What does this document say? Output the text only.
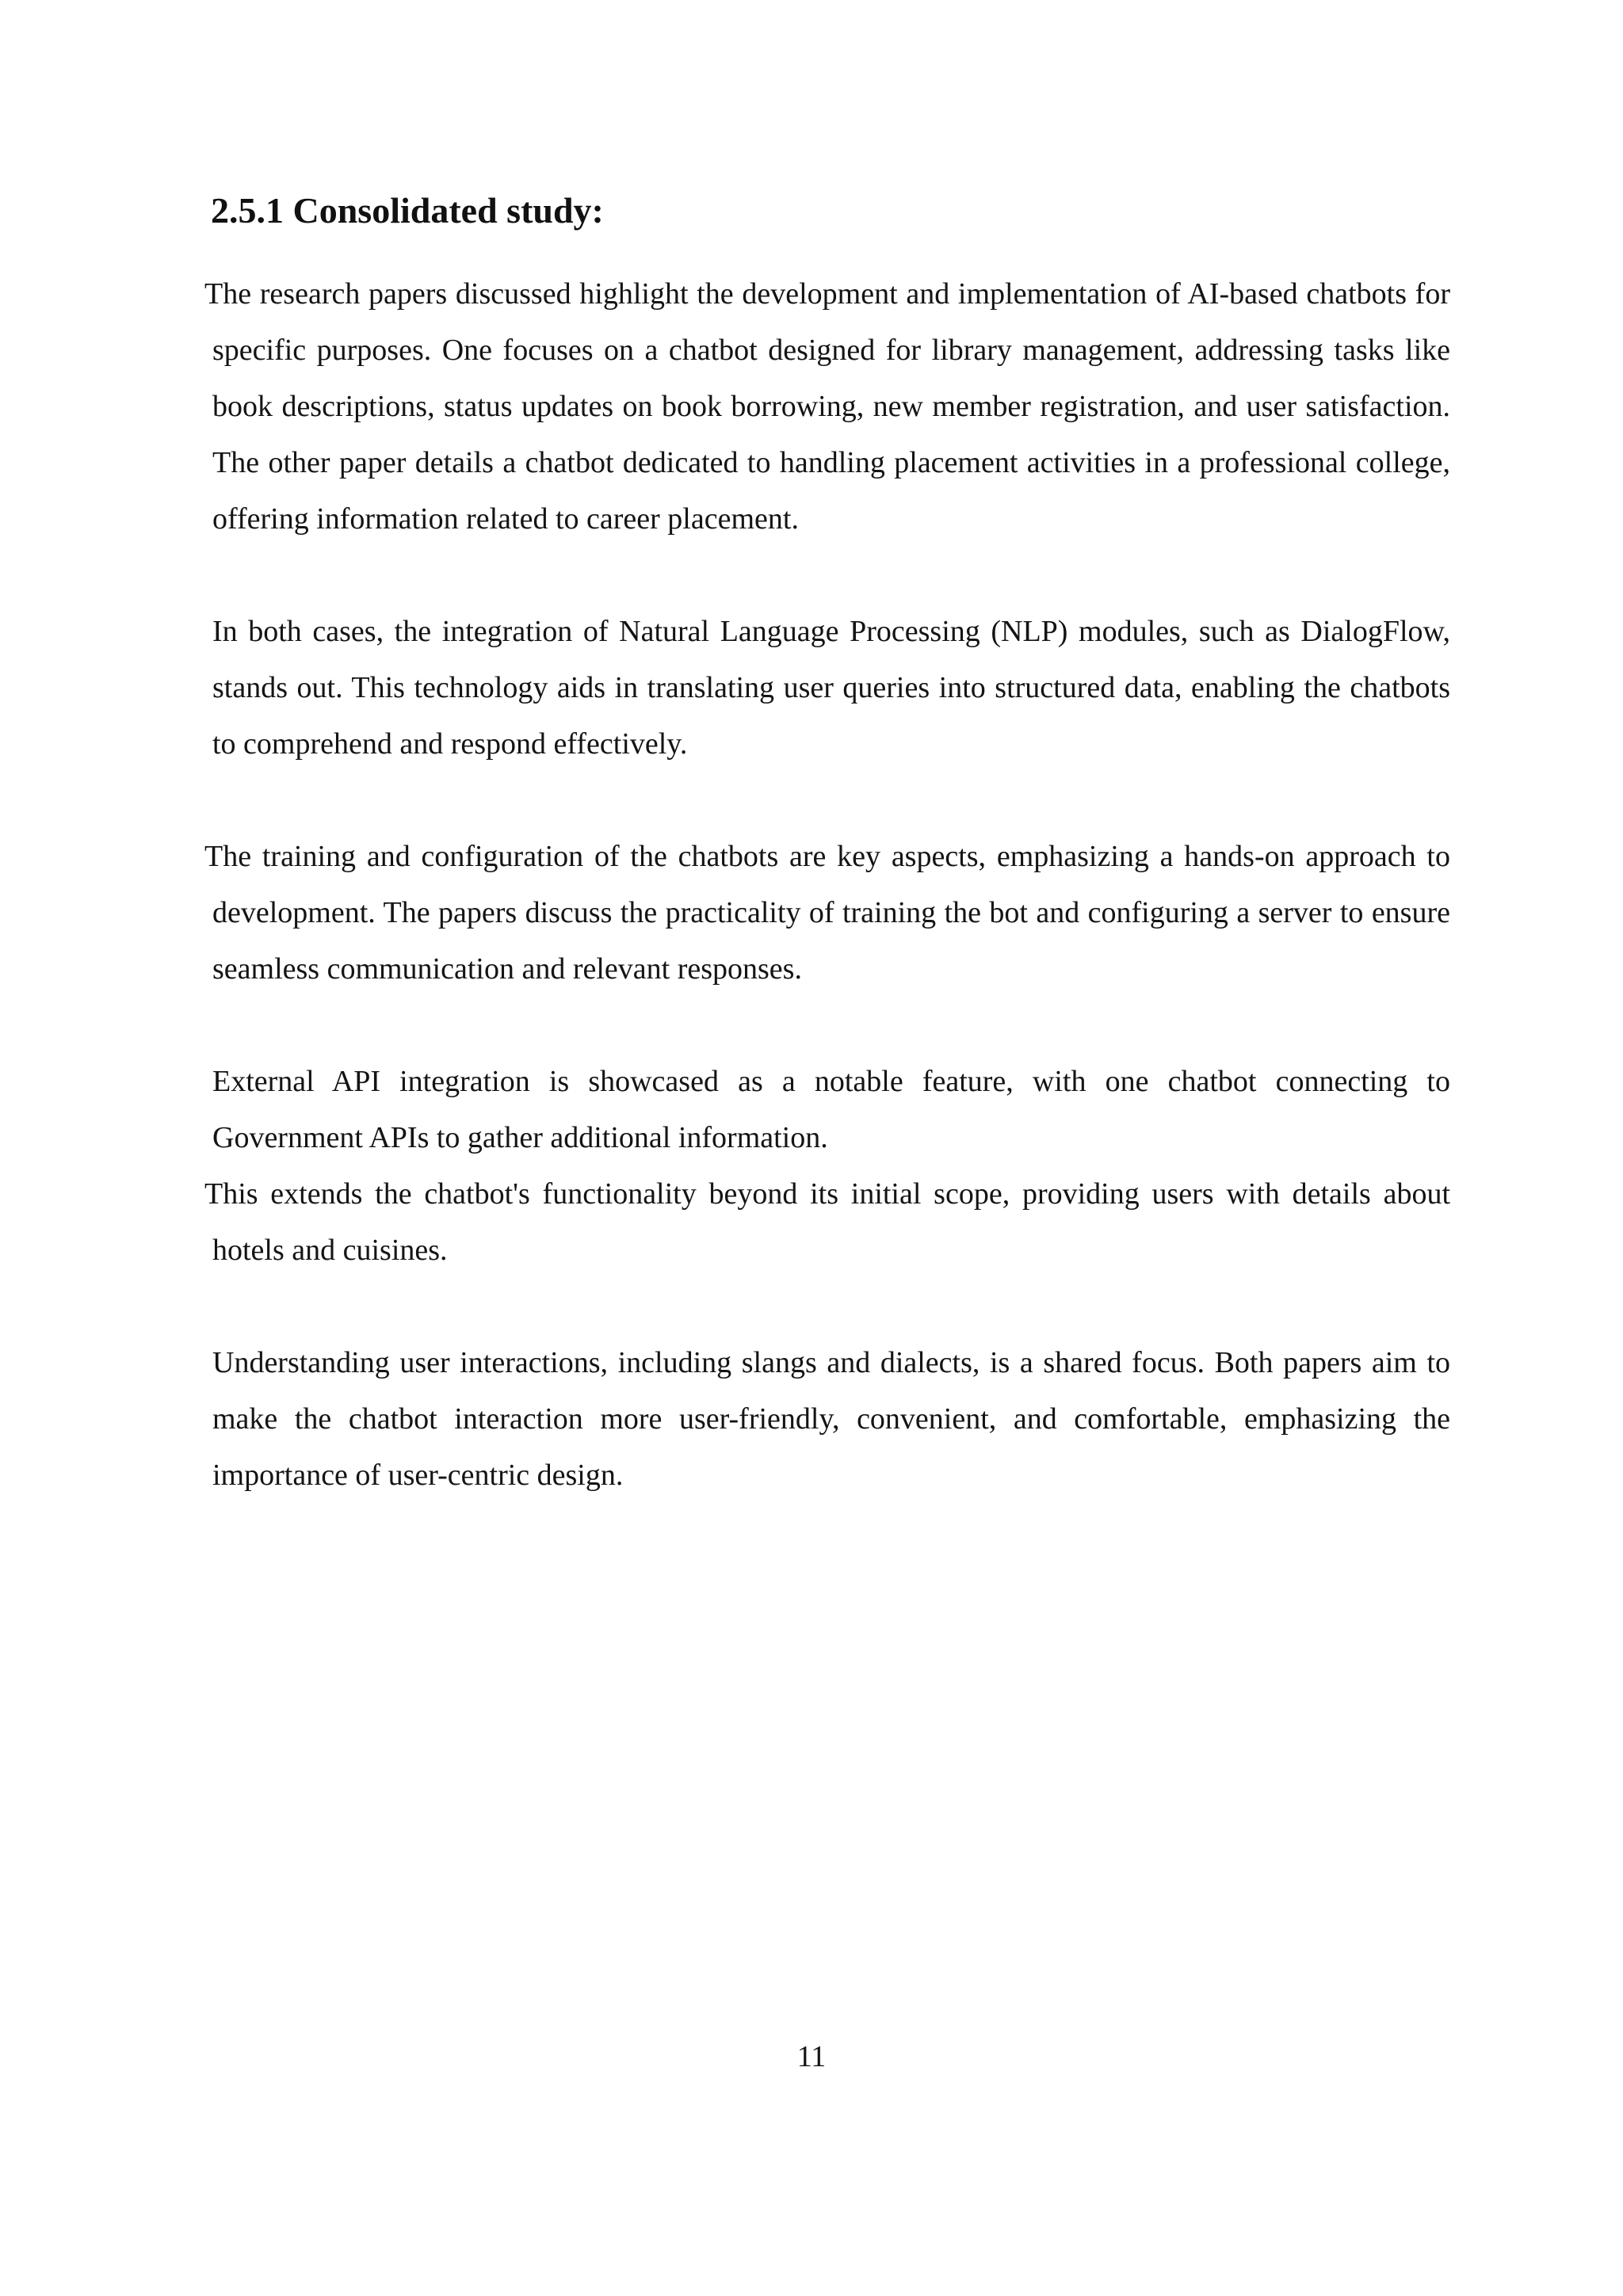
2.5.1 Consolidated study:

The research papers discussed highlight the development and implementation of AI-based chatbots for specific purposes. One focuses on a chatbot designed for library management, addressing tasks like book descriptions, status updates on book borrowing, new member registration, and user satisfaction. The other paper details a chatbot dedicated to handling placement activities in a professional college, offering information related to career placement.

In both cases, the integration of Natural Language Processing (NLP) modules, such as DialogFlow, stands out. This technology aids in translating user queries into structured data, enabling the chatbots to comprehend and respond effectively.

The training and configuration of the chatbots are key aspects, emphasizing a hands-on approach to development. The papers discuss the practicality of training the bot and configuring a server to ensure seamless communication and relevant responses.

External API integration is showcased as a notable feature, with one chatbot connecting to Government APIs to gather additional information.

This extends the chatbot's functionality beyond its initial scope, providing users with details about hotels and cuisines.

Understanding user interactions, including slangs and dialects, is a shared focus. Both papers aim to make the chatbot interaction more user-friendly, convenient, and comfortable, emphasizing the importance of user-centric design.

11
